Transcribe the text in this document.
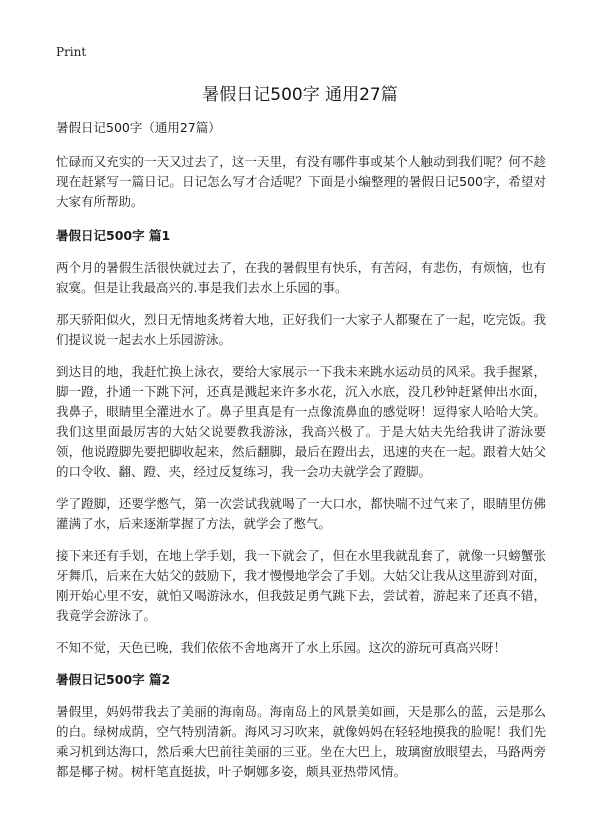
Print
暑假日记500字 通用27篇

暑假日记500字（通用27篇）

忙碌而又充实的一天又过去了，这一天里，有没有哪件事或某个人触动到我们呢？何不趁现在赶紧写一篇日记。日记怎么写才合适呢？下面是小编整理的暑假日记500字，希望对大家有所帮助。

暑假日记500字 篇1

两个月的暑假生活很快就过去了，在我的暑假里有快乐，有苦闷，有悲伤，有烦恼，也有寂寞。但是让我最高兴的.事是我们去水上乐园的事。

那天骄阳似火，烈日无情地炙烤着大地，正好我们一大家子人都聚在了一起，吃完饭。我们提议说一起去水上乐园游泳。

到达目的地，我赶忙换上泳衣，要给大家展示一下我未来跳水运动员的风采。我手握紧，脚一蹬，扑通一下跳下河，还真是溅起来许多水花，沉入水底，没几秒钟赶紧伸出水面，我鼻子，眼睛里全灌进水了。鼻子里真是有一点像流鼻血的感觉呀！逗得家人哈哈大笑。我们这里面最厉害的大姑父说要教我游泳，我高兴极了。于是大姑夫先给我讲了游泳要领，他说蹬脚先要把脚收起来，然后翻脚，最后在蹬出去，迅速的夹在一起。跟着大姑父的口令收、翻、蹬、夹，经过反复练习，我一会功夫就学会了蹬脚。

学了蹬脚，还要学憋气，第一次尝试我就喝了一大口水，都快喘不过气来了，眼睛里仿佛灌满了水，后来逐渐掌握了方法，就学会了憋气。

接下来还有手划，在地上学手划，我一下就会了，但在水里我就乱套了，就像一只螃蟹张牙舞爪，后来在大姑父的鼓励下，我才慢慢地学会了手划。大姑父让我从这里游到对面，刚开始心里不安，就怕又喝游泳水，但我鼓足勇气跳下去，尝试着，游起来了还真不错，我竟学会游泳了。

不知不觉，天色已晚，我们依依不舍地离开了水上乐园。这次的游玩可真高兴呀！

暑假日记500字 篇2

暑假里，妈妈带我去了美丽的海南岛。海南岛上的风景美如画，天是那么的蓝，云是那么的白。绿树成荫，空气特别清新。海风习习吹来，就像妈妈在轻轻地摸我的脸呢！我们先乘习机到达海口，然后乘大巴前往美丽的三亚。坐在大巴上，玻璃窗放眼望去，马路两旁都是椰子树。树杆笔直挺拔，叶子婀娜多姿，颇具亚热带风情。
